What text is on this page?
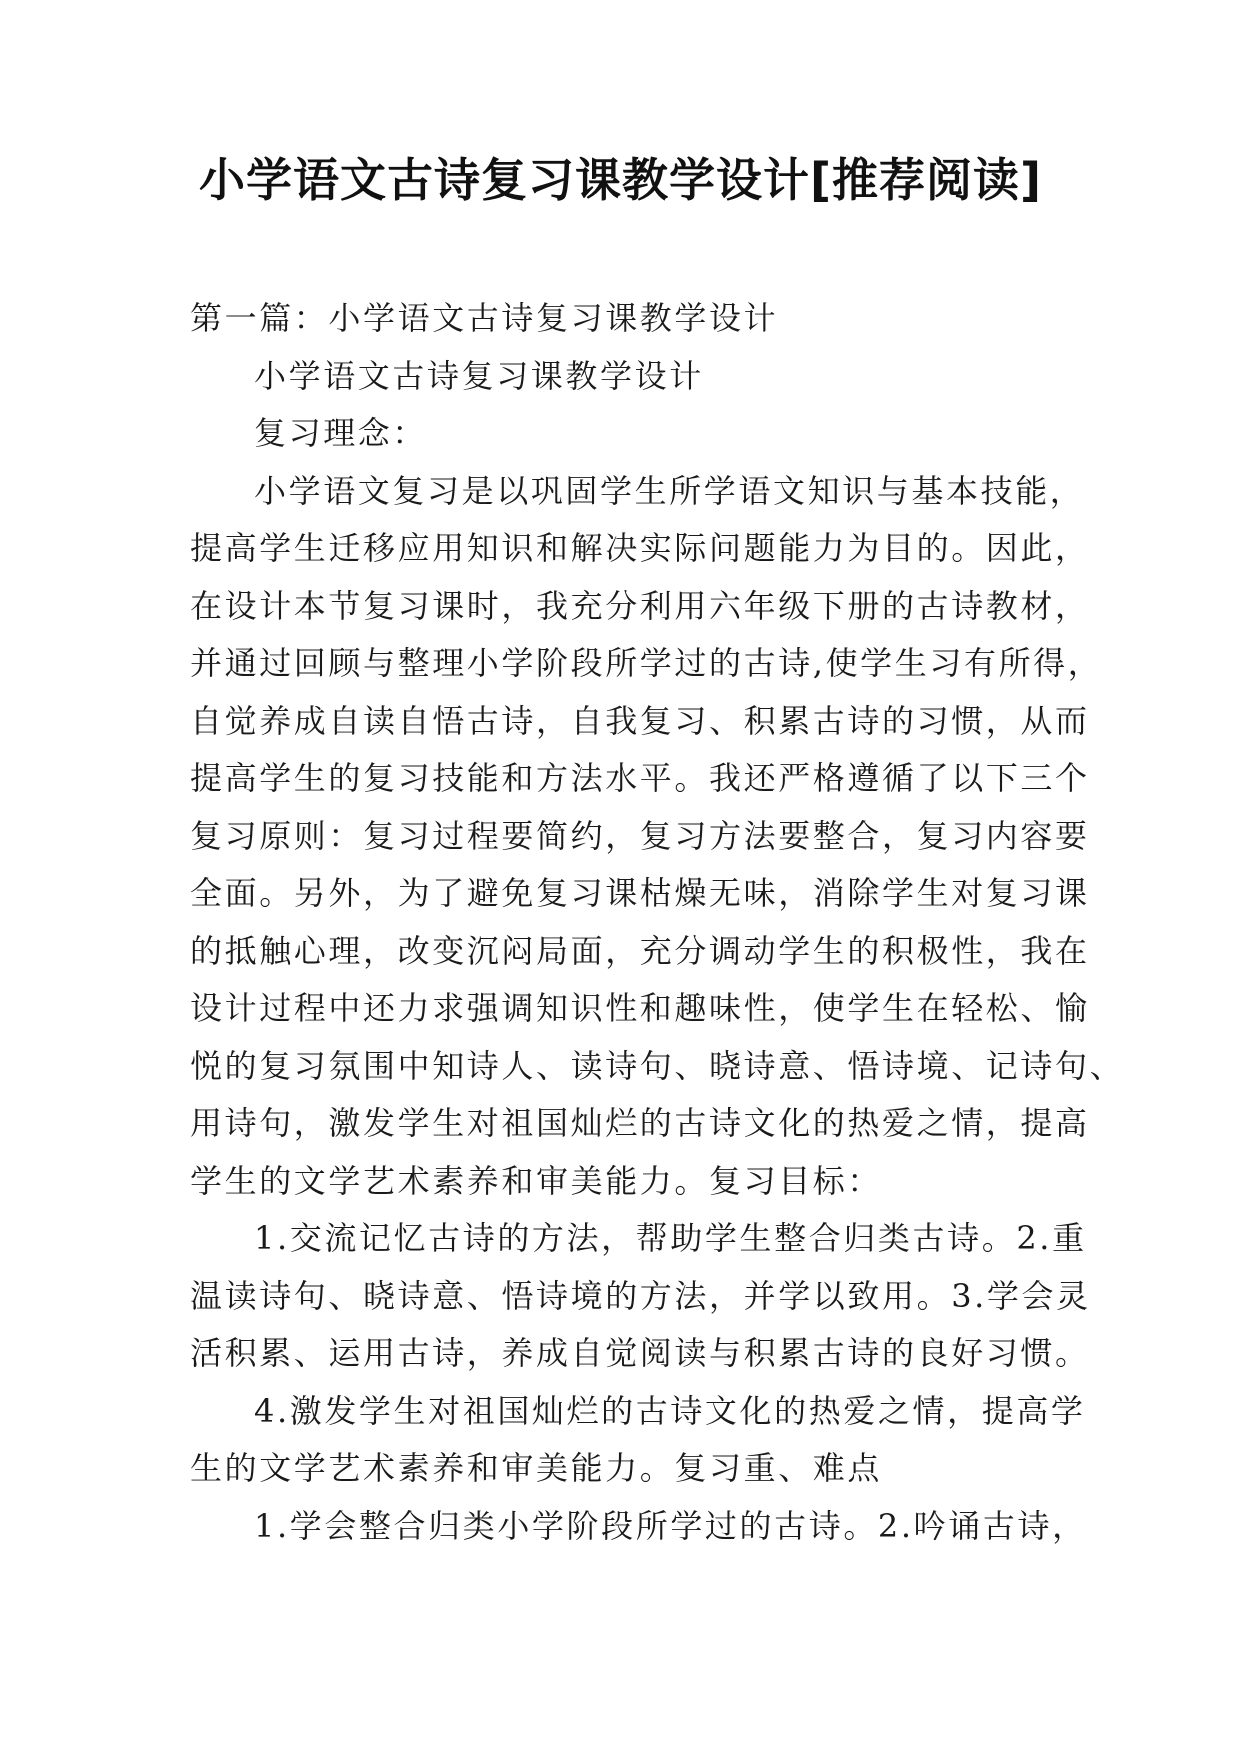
小学语文古诗复习课教学设计[推荐阅读]

第一篇：小学语文古诗复习课教学设计

小学语文古诗复习课教学设计

复习理念：

小学语文复习是以巩固学生所学语文知识与基本技能，

提高学生迁移应用知识和解决实际问题能力为目的。因此，

在设计本节复习课时，我充分利用六年级下册的古诗教材，

并通过回顾与整理小学阶段所学过的古诗,使学生习有所得，

自觉养成自读自悟古诗，自我复习、积累古诗的习惯，从而

提高学生的复习技能和方法水平。我还严格遵循了以下三个

复习原则：复习过程要简约，复习方法要整合，复习内容要

全面。另外，为了避免复习课枯燥无味，消除学生对复习课

的抵触心理，改变沉闷局面，充分调动学生的积极性，我在

设计过程中还力求强调知识性和趣味性，使学生在轻松、愉

悦的复习氛围中知诗人、读诗句、晓诗意、悟诗境、记诗句、

用诗句，激发学生对祖国灿烂的古诗文化的热爱之情，提高

学生的文学艺术素养和审美能力。复习目标：

1.交流记忆古诗的方法，帮助学生整合归类古诗。2.重

温读诗句、晓诗意、悟诗境的方法，并学以致用。3.学会灵

活积累、运用古诗，养成自觉阅读与积累古诗的良好习惯。

4.激发学生对祖国灿烂的古诗文化的热爱之情，提高学

生的文学艺术素养和审美能力。复习重、难点

1.学会整合归类小学阶段所学过的古诗。2.吟诵古诗，
